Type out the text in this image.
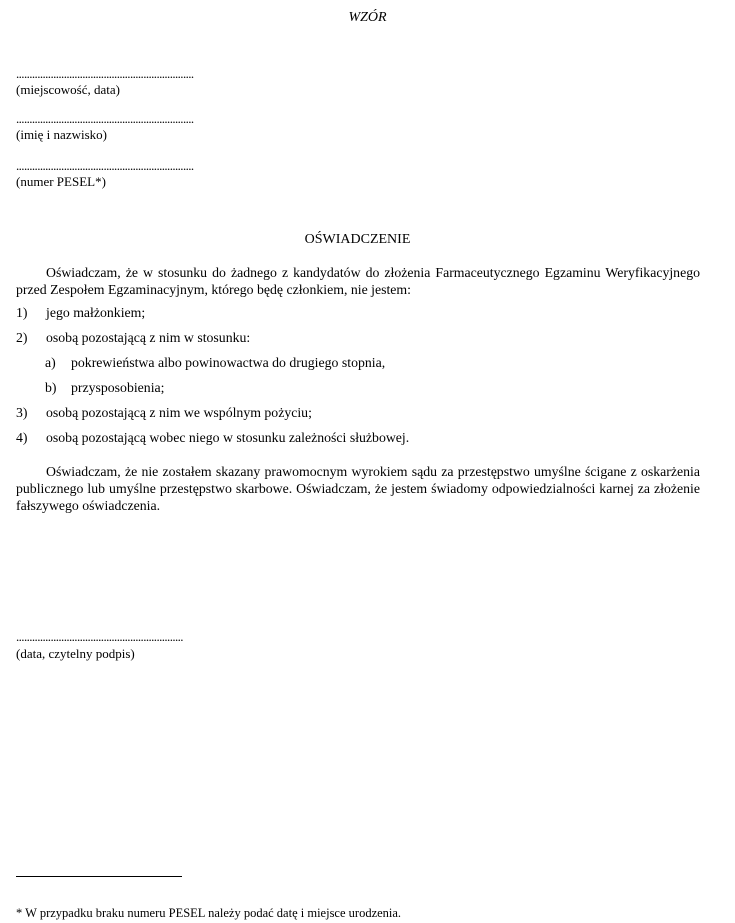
WZÓR
...................................................................
(miejscowość, data)
...................................................................
(imię i nazwisko)
...................................................................
(numer PESEL*)
OŚWIADCZENIE
Oświadczam, że w stosunku do żadnego z kandydatów do złożenia Farmaceutycznego Egzaminu Weryfikacyjnego przed Zespołem Egzaminacyjnym, którego będę członkiem, nie jestem:
1) jego małżonkiem;
2) osobą pozostającą z nim w stosunku:
a) pokrewieństwa albo powinowactwa do drugiego stopnia,
b) przysposobienia;
3) osobą pozostającą z nim we wspólnym pożyciu;
4) osobą pozostającą wobec niego w stosunku zależności służbowej.
Oświadczam, że nie zostałem skazany prawomocnym wyrokiem sądu za przestępstwo umyślne ścigane z oskarżenia publicznego lub umyślne przestępstwo skarbowe. Oświadczam, że jestem świadomy odpowiedzialności karnej za złożenie fałszywego oświadczenia.
...............................................................
(data, czytelny podpis)
* W przypadku braku numeru PESEL należy podać datę i miejsce urodzenia.
